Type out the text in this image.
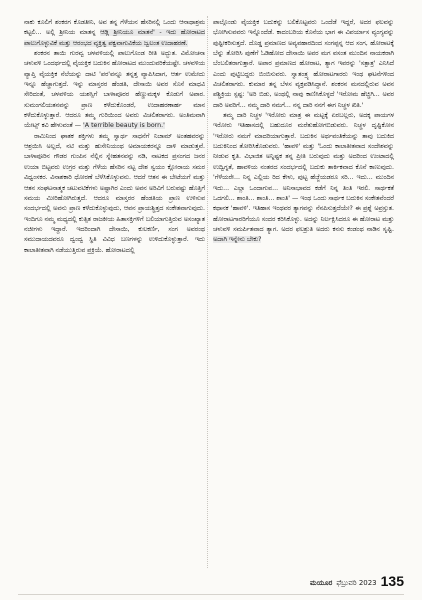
ನಾಕು ಕೂಲಿಗೆ ಶಂಕರಗ ಕೊಡತೀನಿ, ಅವ ತನ್ನ ಗೆಳೆಯನ ಹೆಸರಿನಲ್ಲಿ ಒಂದು ಆನಾಥಾಶ್ರಮ ಕಟ್ಟಲಿ... ಅಲ್ಲಿ ಶ್ರೀನಿಯ ಮಾತನ್ನ ಆಡ್ಲಿ ಶ್ರೀನಿಯೂ ಮಾತನೆ' - ಇದು ಹೋರಾಟದ ಪಾಲುಗೊಳ್ಳುವಿಕೆ ಮತ್ತು ಆರಂಭದ ವ್ಯಕ್ತಿತ್ವ ಪಕ್ವವಾಗುವಿಕೆಯ ಜ್ವಲಂತ ಉದಾಹರಣೆ.

ಶಂಕರನ ತಾಯಿ ಗುರವ್ವ ಚಳವಳಿಯಲ್ಲಿ ಪಾಲುಗೊಂಡ ರೀತಿ ಅದ್ಭುತ. ವಿಮೋಚನಾ ಚಳುವಳಿ ಒಂದರ್ಥದಲ್ಲಿ ವೈಯಕ್ತಿಕ ಬದುಕಿನ ಹೋರಾಟದ ಮುಂದುವರಿಕೆಯಷ್ಟೇ. ಚಳವಳಿಯ ವ್ಯಾಪ್ತಿ ವೈಯಕ್ತಿಕ ನೆಲೆಯನ್ನು ದಾಟಿ 'ಪರ'ವನ್ನೂ ತನ್ನತ್ತ ವ್ಯಾಪಿಸಿದಾಗ, ಆರ್ತ ಉಮೇದು ಇನ್ನೂ ಹೆಚ್ಚಾಗುತ್ತದೆ. ಇನ್ನು ಮಾಸ್ತರರ ಹೆಂಡತಿ, ದೇಸಾಯಿ ಅವರ ಸೊಸೆ ಮಾಧವಿ ಸೇರಿದಂತೆ, ಚಳವಳಿಯ ಯಶಸ್ಸಿಗೆ ಬಾಳಾಪೂರರ ಹೆಣ್ಣುಮಕ್ಕಳ ಕೊಡುಗೆ ಅಪಾರ. ಸುಮಂಗಲಿಯತನವನ್ನು ಪ್ರಾಣ ಕಳೆದುಕೊಂಡರೆ, ಉದಾಹರಣಾರ್ಹ ಮಾನ ಕಳೆದುಕೊಳ್ಳುತ್ತಾರೆ. ಆದರೂ ತಮ್ಮ ಗುರಿಯಿಂದ ಅವರು ವಿಚಲಿತರಾಗರು. ಅಂತಿಮವಾಗಿ ಯೇಟ್ಸ್ ಕವಿ ಹೇಳುವಂತೆ — 'A terrible beauty is born.'

ರಾಮಿನಿಂದ ಘಾತಕ ಶಕ್ತಿಗಳು ತಮ್ಮ ಸ್ವಾರ್ಥ ಸಾಧನೆಗೆ ನಿಜಾಮ್ ಅಂತಹವರನ್ನು ಆಶ್ರಯಿಸಿ ಅಲ್ಲದೆ, ನಟಿ ಮತ್ತು ಹುಸೇನಿಯಂಥ ಅಮಾಯಕರನ್ನೂ ದಾಳಿ ಮಾಡುತ್ತವೆ. ಬಾಳಾಪೂರಿನ ಗೌಡರ ಗುಂಪಿನ ನೆಲ್ಲಿನ ಸ್ನೇಹತನವನ್ನು ನಡಿ, ನಾಟಕದ ಪ್ರಸಂಗದ ಜನರ ಉಯಾ ಬಿಟ್ಟವರು ಉಗ್ರರ ಮತ್ತು ಗೆಳೆಯ ಹೆಸರಿನ ನಟ್ಟ ದೇಶ ಸ್ವಯಂ ಕ್ಲೋರಾಯ ಸಮರ ವಿಧ್ವಂಸಕರ. ವಿನಾಶಕಾರಿ ಧೋರಣೆ ಬೆಳೆಸಿಕೊಳ್ಳುವನು. ಆದರೆ ಆತನ ಈ ಬೇಟೆಯಗೆ ಮತ್ತು ಆತನ ಸಂಘಟನಾತ್ಮಕ ಚಟುವಟಿಕೆಗಳು ಅಷ್ಟಾಗಿರ ಎಂದು ಅವನ ಅರಿವಿಗೆ ಬರುವಷ್ಟು ಹೊತ್ತಿಗೆ ಸಮಯ ಮೀರಿಹೋಗಿರುತ್ತದೆ. ಆದರೂ ಮಾಸ್ತರರ ಹೆಂಡತಿಯ ಪ್ರಾಣ ಉಳಿಸುವ ಸಂದರ್ಭದಲ್ಲಿ ಅವನು ಪ್ರಾಣ ಕಳೆದುಕೊಳ್ಳುವುದು, ಆವನ ಪ್ರಾಯಶ್ಚಿತ್ತದ ಸಂಕೇತವಾಗುವುದು. ಇಂದಿಗೂ ನಮ್ಮ ಮಧ್ಯದಲ್ಲಿ ಕುತ್ಸಿತ ರಾಜಕೀಯ ಹಿತಾಸಕ್ತಿಗಳಿಗೆ ಬಲಿಯಾಗುತ್ತಿರುವ ಅಸಂಖ್ಯಾತ ನಜೀಗಳು ಇದ್ದಾರೆ. ಇದರಿಂದಾಗಿ ದೇಸಾಯಿ, ಕುಲಕರ್ಣಿ, ಸಂಗ ಅವರಂಥ ಸಮುದಾಯದವರೂ ದ್ವಂದ್ವ ಸ್ಥಿತಿ ವಿವಿಧ ಬಣಗಳನ್ನು ಉಳಿದುಕೊಳ್ಳುತ್ತಾರೆ. ಇದು ಕಾಲಾತೀತವಾಗಿ ನಡೆಯುತ್ತಿರುವ ಪ್ರಕ್ರಿಯೆ. ಹೋರಾಟದಲ್ಲಿ

ಪಾಲ್ಗೊಂಡು ವೈಯಕ್ತಿಕ ಬದುಕನ್ನು ಬಲಿಕೊಟ್ಟವರು ಒಂದೆಡೆ ಇದ್ದರೆ, ಅದರ ಫಲವನ್ನು ಭೋಗಿಸುವವರು ಇನ್ನೊಂದೆಡೆ. ಕಾದಂಬರಿಯ ಕೊನೆಯ ಭಾಗ ಈ ವಿಪರ್ಯಾಸ ವ್ಯಂಗ್ಯವನ್ನು ಪುಷ್ಟೀಕರಿಸುತ್ತದೆ. ದೊಡ್ಡ ಪ್ರಮಾಣದ ಅವ್ಯವಹಾರದಿಂದ ಸಂಗಪ್ಪನ್ನ ಆದ ಸಂಗ, ಹೋರಾಟಕ್ಕೆ ಬೆನ್ನು ತೋರಿಸಿ ಪುಣೆಗೆ ಓಡಿಹೋದ ದೇಸಾಯಿ ಅವರ ಮಗ ವಸಂತ ಮುಂದಿನ ನಾಯಕರಾಗಿ ಬೆಂಬಲಿತರಾಗುತ್ತಾರೆ. ಅಪಾರ ಪ್ರಮಾಣದ ಹೋರಾಟ, ತ್ಯಾಗ ಇವರನ್ನು 'ಸತ್ಪಾತ್ರ' ಎನಿಸಿದೆ ಎಂದು ಪುಟ್ಟಿಬದ್ದರು ಬಿಂಬಿಸುವರು. ಸ್ವಾತಂತ್ರ್ಯ ಹೋರಾಟಗಾರರು ಇಂಥ ಘಟನೆಗಳಿಂದ ವಿಚಲಿತರಾಗರು. ಕುಮಾರ ತನ್ನ ಬೆಳಸ ವ್ಯಕ್ತಪಡಿಸಿದ್ದಾನೆ. ಶಂಕರನ ಮನದಲ್ಲಿರುವ ಅವನ ಪಶ್ಚಿಕ್ರಿಯ ಸ್ಪಷ್ಟ: 'ಅರಿ ಬಿಡು, ಅಂಥಲ್ಲಿ ನಾವು ಕಾಣಿಸಿಕೊಳ್ಳದೆ 'ಇರೋಮ ಹೆಚ್ಚಿಗಿ... ಅವರ ದಾರಿ ಅವರಿಗೆ... ನಮ್ಮ ದಾರಿ ನಮಗೆ... ನನ್ನ ದಾರಿ ನನಗೆ ಈಗ ನಿಚ್ಚಳ ಖಿತಿ.'

ತಮ್ಮ ದಾರಿ ನಿಚ್ಚಳ 'ಇರೋರು ಮಾತ್ರ ಈ ಮಟ್ಟಕ್ಕೆ ಏರಬಲ್ಲರು, ಅದಕ್ಕ ಪಾಯಗಳ ಇರೋರು ಇತಿಹಾಸದಲ್ಲಿ ಬಹುದೂರ ಮರೆತುಹೋಗಬಿಡುವರು. ನಿಚ್ಚಳ ದೃಷ್ಟಿಕೋನ 'ಇರೋರು ನಮಗೆ ಮಾದರಿಯಾಗುತ್ತಾರೆ. ಬದುಕಿನ ಅರ್ಥವಂತಿಕೆಯನ್ನು ತಾವು ಬದುಕಿದ ಬದುಕಿನಿಂದ ತೋರಿಸಿಕೊಡುವರು. 'ಹಾವಳಿ' ಮತ್ತು 'ಓಂದು ಕಾಲಾತೀತವಾದ ಸಂದೇಶವನ್ನು ನೀಡುವ ಕೃತಿ. ವಿಭಾಜಿತ ಅನ್ನಿಷ್ಟಕ ತನ್ನ ಪ್ರೀತಿ ಬರುವುದು ಮತ್ತು ಅದರಿಂದ ಉಂಟಾದಲ್ಲಿ ಉದ್ವಿಗ್ನತೆ, ಹಾವಳಿಯ ನಂತರದ ಸಂದರ್ಭದಲ್ಲಿ ಬದುಕು ತಾರ್ಕಿಕವಾದ ಕೊನೆ ಕಾಣುವುದು. 'ಗೆಳೆಯರೇ... ನಿನ್ನ ಎಲ್ಲಿಯ ರಿದ ಕೇಳು, ಪುಟ್ಟ ಹೆಜ್ಜೆಯಡರೂ ಸರಿ... ಇದು... ಮುಂದಿನ ಇದು... ಎಲ್ಲಾ ಒಂದಾಗುವ... ಅನಿಸಾಭಾವದ ಕಡೆಗೆ ನಿನ್ನ ತಿಂತಿ ಇರಲಿ. ಸಾರ್ಥಕತೆ ಒದಗಲಿ... ಶಾಂತಿ... ಶಾಂತಿ... ಶಾಂತಿ' — ಇಂಥ ಒಂದು ಸಾರ್ಥಕ ಬದುಕಿನ ಸಂಕೇತವೆಂದರೆ ಕಥಾನಕ 'ಹಾವಳಿ'. ಇತಿಹಾಸ ಇಂಥವರ ತ್ಯಾಗವನ್ನು ನೆನಪಿಸುತ್ತದೆಯೇ? ಈ ಪ್ರಶ್ನೆ ಅಪ್ರಸ್ತುತ. ಹೋರಾಟಗಾರರಿಗೆಯೂ ಸಂದರ ಕರಿಸಿಕೊಳ್ಳು. ಅದನ್ನು ನಿರ್ಲಕ್ಷಿಸಿದರೂ ಈ ಹೋರಾಟ ಮತ್ತು ಚಳುವಳಿ ಸಮರ್ಪಿತವಾದ ತ್ಯಾಗ. ಅದರ ಫಲಶ್ರುತಿ ಅದರು ಕನಸು ಕಂಡಂಥ ನಾಡಿನ ಸೃಷ್ಟಿ. ಅದಾಗಿ ಇನ್ನೇನು ಬೇಕು?

ಮಯೂರ ಫೆಬ್ರುವರಿ 2023 135
